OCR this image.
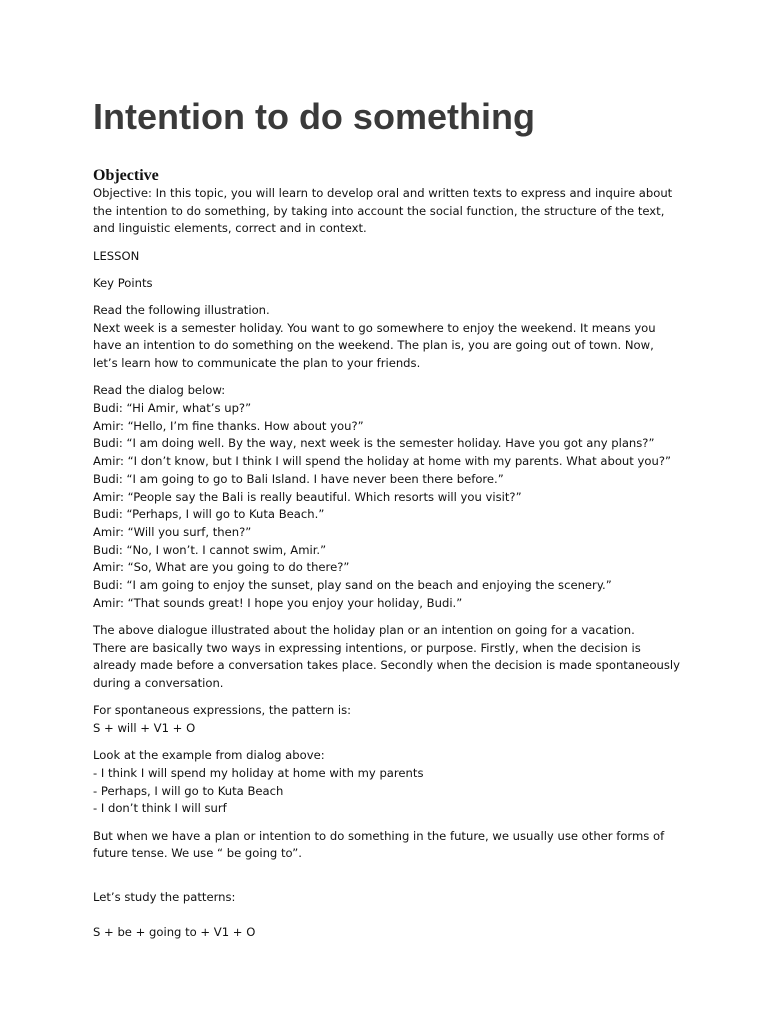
Intention to do something
Objective

Objective: In this topic, you will learn to develop oral and written texts to express and inquire about
the intention to do something, by taking into account the social function, the structure of the text,
and linguistic elements, correct and in context.

LESSON

Key Points

Read the following illustration.
Next week is a semester holiday. You want to go somewhere to enjoy the weekend. It means you
have an intention to do something on the weekend. The plan is, you are going out of town. Now,
let’s learn how to communicate the plan to your friends.

Read the dialog below:
Budi: “Hi Amir, what’s up?”
Amir: “Hello, I’m fine thanks. How about you?”
Budi: “I am doing well. By the way, next week is the semester holiday. Have you got any plans?”
Amir: “I don’t know, but I think I will spend the holiday at home with my parents. What about you?”
Budi: “I am going to go to Bali Island. I have never been there before.”
Amir: “People say the Bali is really beautiful. Which resorts will you visit?”
Budi: “Perhaps, I will go to Kuta Beach.”
Amir: “Will you surf, then?”
Budi: “No, I won’t. I cannot swim, Amir.”
Amir: “So, What are you going to do there?”
Budi: “I am going to enjoy the sunset, play sand on the beach and enjoying the scenery.”
Amir: “That sounds great! I hope you enjoy your holiday, Budi.”

The above dialogue illustrated about the holiday plan or an intention on going for a vacation.
There are basically two ways in expressing intentions, or purpose. Firstly, when the decision is
already made before a conversation takes place. Secondly when the decision is made spontaneously
during a conversation.

For spontaneous expressions, the pattern is:
S + will + V1 + O

Look at the example from dialog above:
- I think I will spend my holiday at home with my parents
- Perhaps, I will go to Kuta Beach
- I don’t think I will surf

But when we have a plan or intention to do something in the future, we usually use other forms of
future tense. We use “ be going to”.

Let’s study the patterns:

S + be + going to + V1 + O
